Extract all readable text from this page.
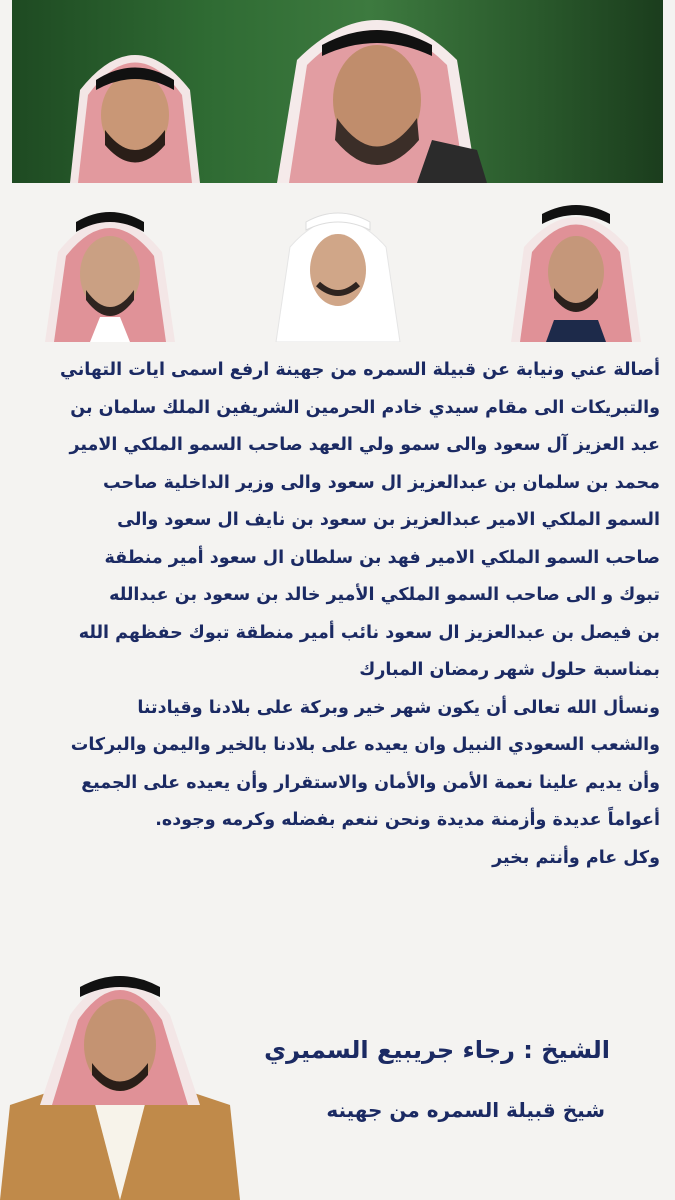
أصالة عني ونيابة عن قبيلة السمره من جهينة ارفع اسمى ايات التهاني
والتبريكات الى مقام سيدي خادم الحرمين الشريفين الملك سلمان بن
عبد العزيز آل سعود والى سمو ولي العهد صاحب السمو الملكي الامير
محمد بن سلمان بن عبدالعزيز ال سعود والى وزير الداخلية صاحب
السمو الملكي الامير عبدالعزيز بن سعود بن نايف ال سعود والى
صاحب السمو الملكي الامير فهد بن سلطان ال سعود أمير منطقة
تبوك و الى صاحب السمو الملكي الأمير خالد بن سعود بن عبدالله
بن فيصل بن عبدالعزيز ال سعود نائب أمير منطقة تبوك حفظهم الله
بمناسبة حلول شهر رمضان المبارك
ونسأل الله تعالى أن يكون شهر خير وبركة على بلادنا وقيادتنا
والشعب السعودي النبيل وان يعيده على بلادنا بالخير واليمن والبركات
وأن يديم علينا نعمة الأمن والأمان والاستقرار وأن يعيده على الجميع
أعواماً عديدة وأزمنة مديدة ونحن ننعم بفضله وكرمه وجوده.
وكل عام وأنتم بخير
الشيخ : رجاء جريبيع السميري
شيخ قبيلة السمره من جهينه
